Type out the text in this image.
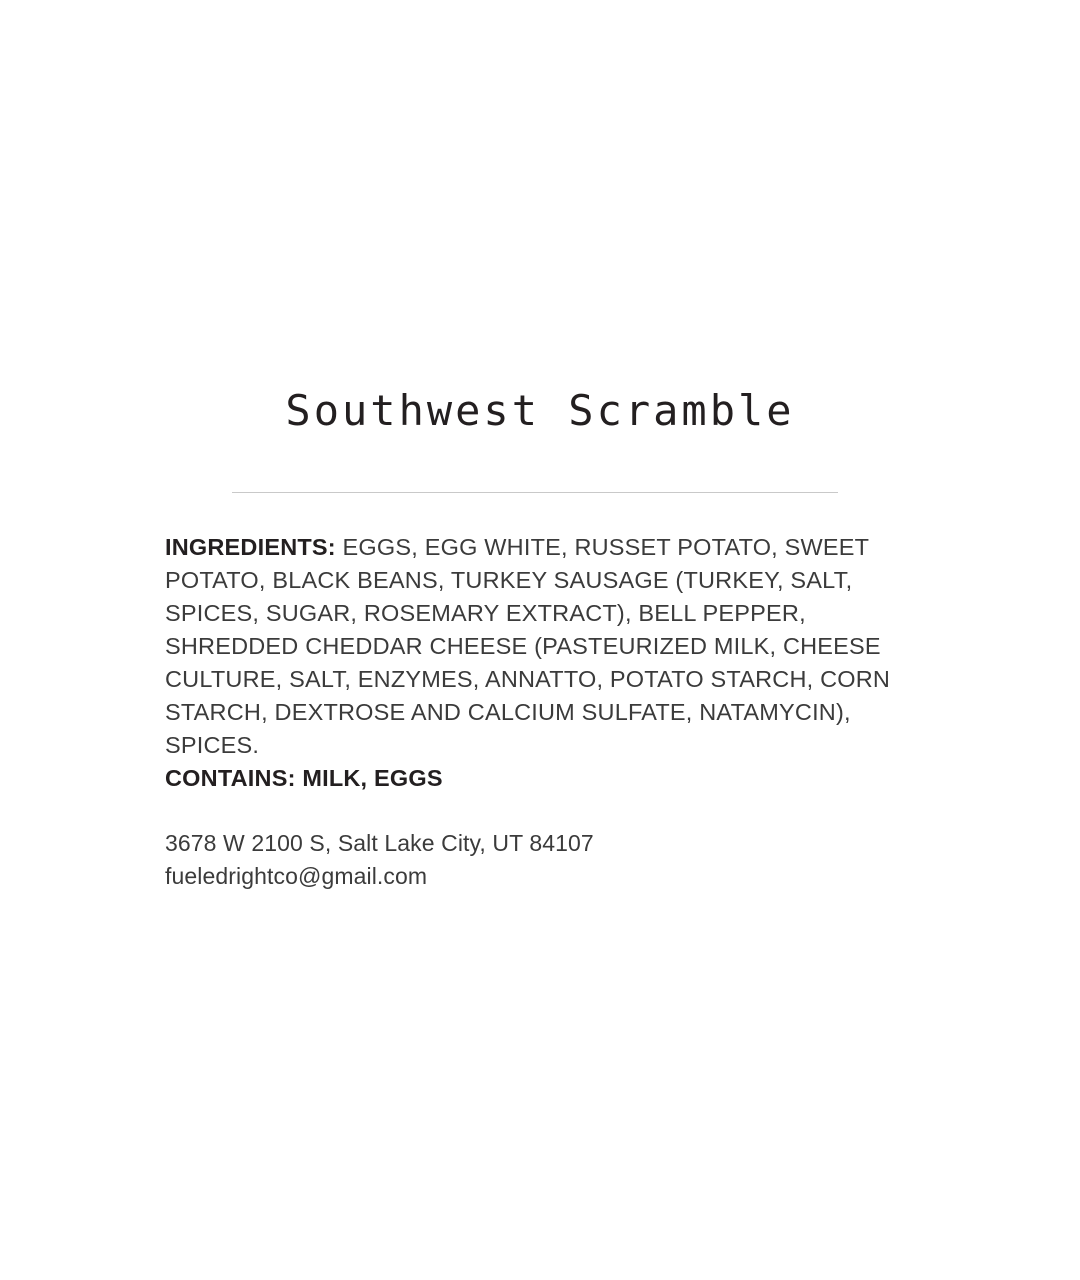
Southwest Scramble

INGREDIENTS: EGGS, EGG WHITE, RUSSET POTATO, SWEET POTATO, BLACK BEANS, TURKEY SAUSAGE (TURKEY, SALT, SPICES, SUGAR, ROSEMARY EXTRACT), BELL PEPPER, SHREDDED CHEDDAR CHEESE (PASTEURIZED MILK, CHEESE CULTURE, SALT, ENZYMES, ANNATTO, POTATO STARCH, CORN STARCH, DEXTROSE AND CALCIUM SULFATE, NATAMYCIN), SPICES.

CONTAINS: MILK, EGGS

3678 W 2100 S, Salt Lake City, UT 84107

fueledrightco@gmail.com
